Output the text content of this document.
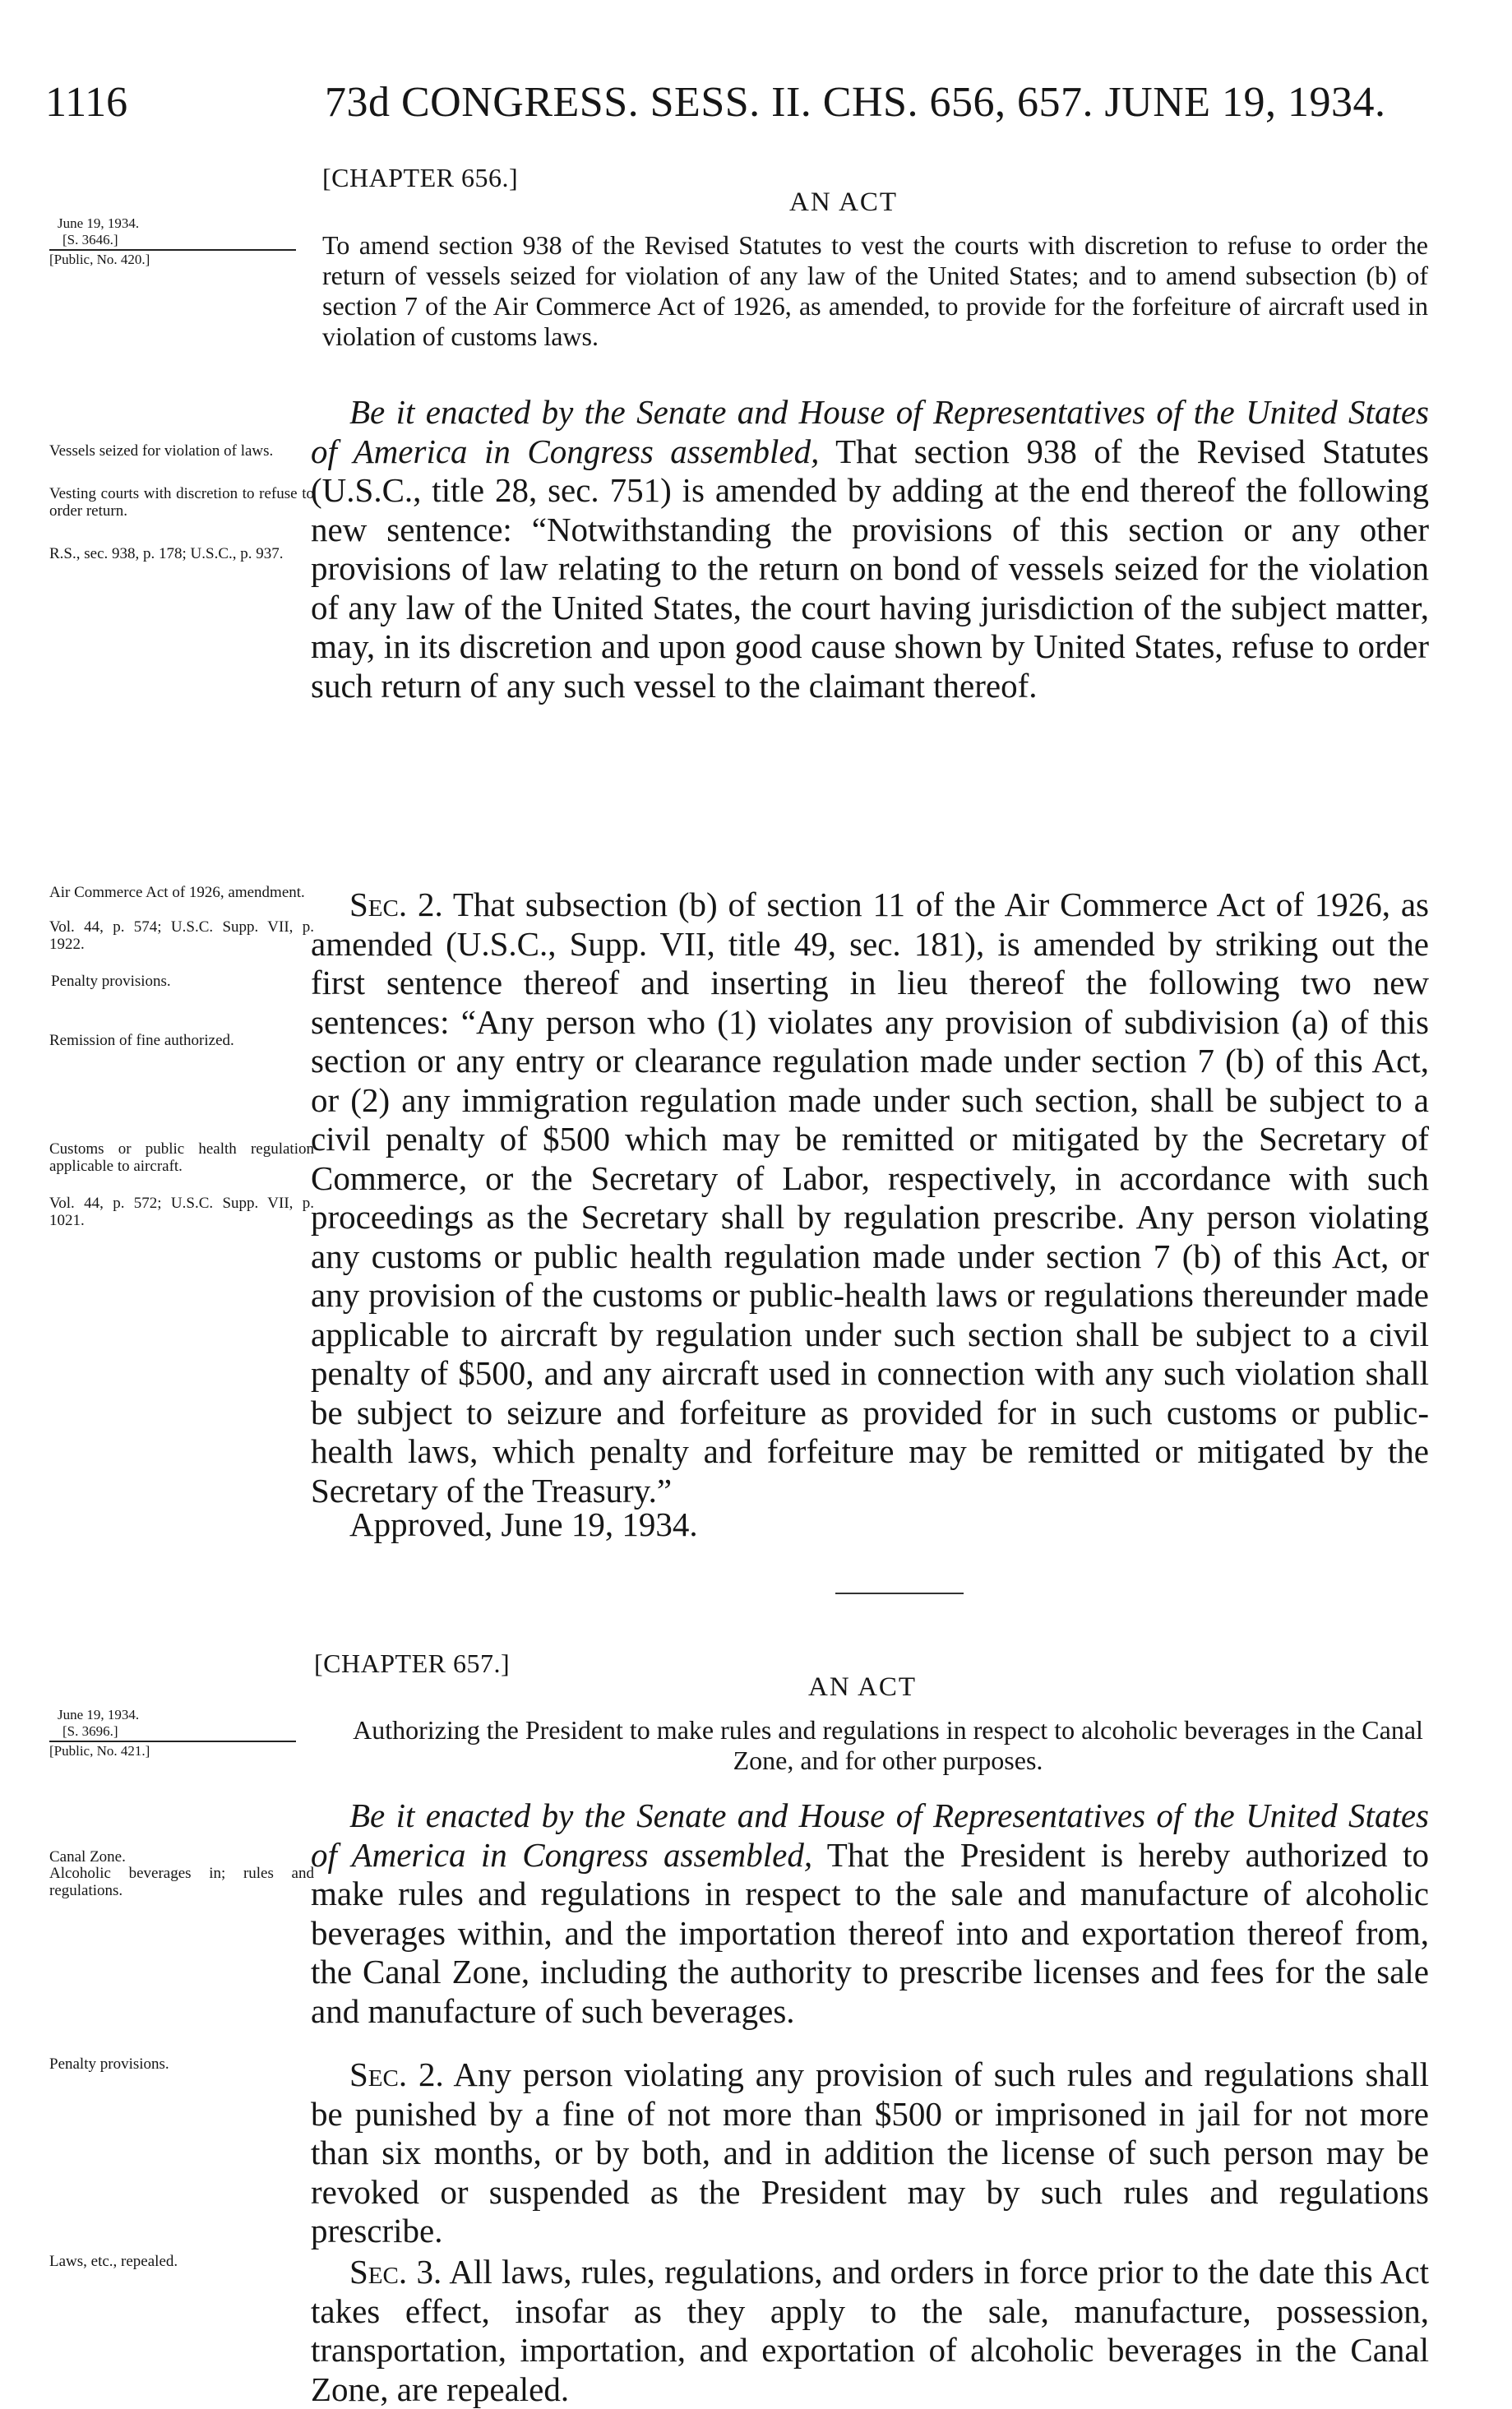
1116	73d CONGRESS. SESS. II. CHS. 656, 657. JUNE 19, 1934.
[CHAPTER 656.]
AN ACT
June 19, 1934.
[S. 3646.]
[Public, No. 420.]	To amend section 938 of the Revised Statutes to vest the courts with discretion to refuse to order the return of vessels seized for violation of any law of the United States; and to amend subsection (b) of section 7 of the Air Commerce Act of 1926, as amended, to provide for the forfeiture of aircraft used in violation of customs laws.
Be it enacted by the Senate and House of Representatives of the United States of America in Congress assembled, That section 938 of the Revised Statutes (U.S.C., title 28, sec. 751) is amended by adding at the end thereof the following new sentence: “Notwithstanding the provisions of this section or any other provisions of law relating to the return on bond of vessels seized for the violation of any law of the United States, the court having jurisdiction of the subject matter, may, in its discretion and upon good cause shown by United States, refuse to order such return of any such vessel to the claimant thereof.
Sec. 2. That subsection (b) of section 11 of the Air Commerce Act of 1926, as amended (U.S.C., Supp. VII, title 49, sec. 181), is amended by striking out the first sentence thereof and inserting in lieu thereof the following two new sentences: “Any person who (1) violates any provision of subdivision (a) of this section or any entry or clearance regulation made under section 7 (b) of this Act, or (2) any immigration regulation made under such section, shall be subject to a civil penalty of $500 which may be remitted or mitigated by the Secretary of Commerce, or the Secretary of Labor, respectively, in accordance with such proceedings as the Secretary shall by regulation prescribe. Any person violating any customs or public health regulation made under section 7 (b) of this Act, or any provision of the customs or public-health laws or regulations thereunder made applicable to aircraft by regulation under such section shall be subject to a civil penalty of $500, and any aircraft used in connection with any such violation shall be subject to seizure and forfeiture as provided for in such customs or public-health laws, which penalty and forfeiture may be remitted or mitigated by the Secretary of the Treasury.”
Approved, June 19, 1934.
Vessels seized for violation of laws.
Vesting courts with discretion to refuse to order return.
R.S., sec. 938, p. 178; U.S.C., p. 937.
Air Commerce Act of 1926, amendment.
Vol. 44, p. 574; U.S.C. Supp. VII, p. 1922.
Penalty provisions.
Remission of fine authorized.
Customs or public health regulation applicable to aircraft.
Vol. 44, p. 572; U.S.C. Supp. VII, p. 1021.
[CHAPTER 657.]
AN ACT
June 19, 1934.
[S. 3696.]
[Public, No. 421.]
Authorizing the President to make rules and regulations in respect to alcoholic beverages in the Canal Zone, and for other purposes.
Be it enacted by the Senate and House of Representatives of the United States of America in Congress assembled, That the President is hereby authorized to make rules and regulations in respect to the sale and manufacture of alcoholic beverages within, and the importation thereof into and exportation thereof from, the Canal Zone, including the authority to prescribe licenses and fees for the sale and manufacture of such beverages.
Sec. 2. Any person violating any provision of such rules and regulations shall be punished by a fine of not more than $500 or imprisoned in jail for not more than six months, or by both, and in addition the license of such person may be revoked or suspended as the President may by such rules and regulations prescribe.
Sec. 3. All laws, rules, regulations, and orders in force prior to the date this Act takes effect, insofar as they apply to the sale, manufacture, possession, transportation, importation, and exportation of alcoholic beverages in the Canal Zone, are repealed.
Canal Zone.
Alcoholic beverages in; rules and regulations.
Penalty provisions.
Laws, etc., repealed.
